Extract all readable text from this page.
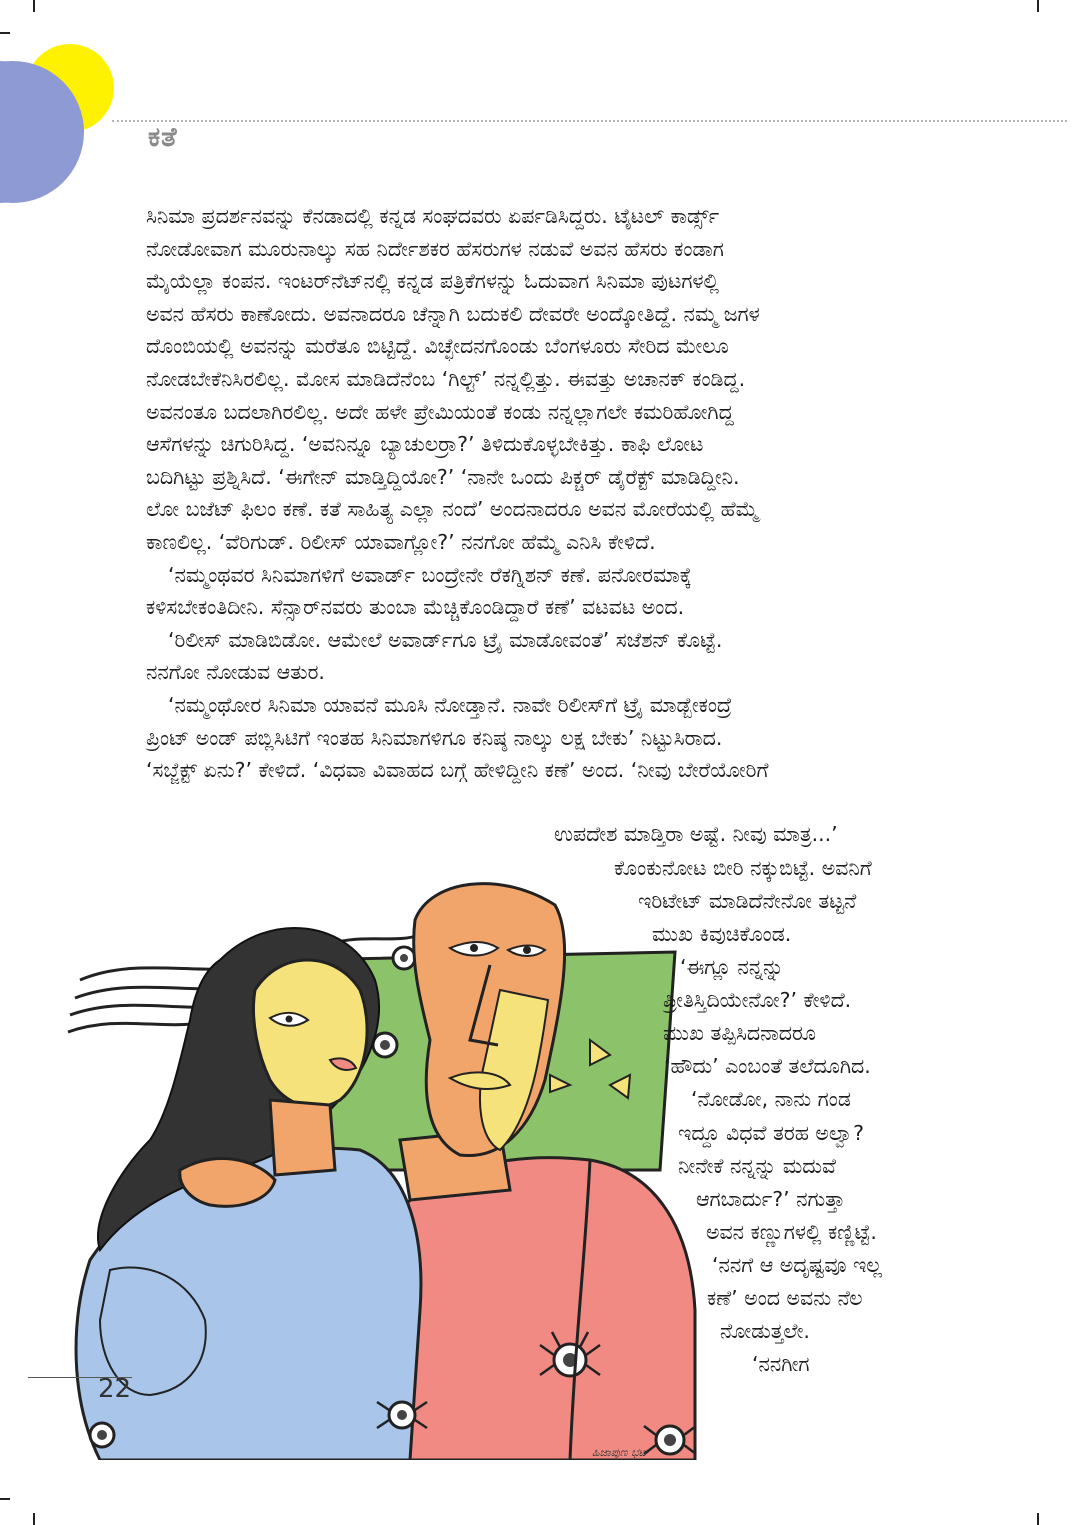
ಕತೆ

ಸಿನಿಮಾ ಪ್ರದರ್ಶನವನ್ನು ಕೆನಡಾದಲ್ಲಿ ಕನ್ನಡ ಸಂಘದವರು ಏರ್ಪಡಿಸಿದ್ದರು. ಟೈಟಲ್ ಕಾರ್ಡ್ಸ್

ನೋಡೋವಾಗ ಮೂರುನಾಲ್ಕು ಸಹ ನಿರ್ದೇಶಕರ ಹೆಸರುಗಳ ನಡುವೆ ಅವನ ಹೆಸರು ಕಂಡಾಗ

ಮೈಯೆಲ್ಲಾ ಕಂಪನ. ಇಂಟರ್‌ನೆಟ್‌ನಲ್ಲಿ ಕನ್ನಡ ಪತ್ರಿಕೆಗಳನ್ನು ಓದುವಾಗ ಸಿನಿಮಾ ಪುಟಗಳಲ್ಲಿ

ಅವನ ಹೆಸರು ಕಾಣೋದು. ಅವನಾದರೂ ಚೆನ್ನಾಗಿ ಬದುಕಲಿ ದೇವರೇ ಅಂದ್ಕೋತಿದ್ದೆ. ನಮ್ಮ ಜಗಳ

ದೊಂಬಿಯಲ್ಲಿ ಅವನನ್ನು ಮರೆತೂ ಬಿಟ್ಟಿದ್ದೆ. ವಿಚ್ಛೇದನಗೊಂಡು ಬೆಂಗಳೂರು ಸೇರಿದ ಮೇಲೂ

ನೋಡಬೇಕೆನಿಸಿರಲಿಲ್ಲ. ಮೋಸ ಮಾಡಿದೆನೆಂಬ ‘ಗಿಲ್ಟ್’ ನನ್ನಲ್ಲಿತ್ತು. ಈವತ್ತು ಅಚಾನಕ್ ಕಂಡಿದ್ದ.

ಅವನಂತೂ ಬದಲಾಗಿರಲಿಲ್ಲ. ಅದೇ ಹಳೇ ಪ್ರೇಮಿಯಂತೆ ಕಂಡು ನನ್ನಲ್ಲಾಗಲೇ ಕಮರಿಹೋಗಿದ್ದ

ಆಸೆಗಳನ್ನು ಚಿಗುರಿಸಿದ್ದ. ‘ಅವನಿನ್ನೂ ಬ್ಯಾಚುಲರ್ರಾ?’ ತಿಳಿದುಕೊಳ್ಳಬೇಕಿತ್ತು. ಕಾಫಿ ಲೋಟ

ಬದಿಗಿಟ್ಟು ಪ್ರಶ್ನಿಸಿದೆ. ‘ಈಗೇನ್ ಮಾಡ್ತಿದ್ದಿಯೋ?’ ‘ನಾನೇ ಒಂದು ಪಿಕ್ಚರ್ ಡೈರೆಕ್ಟ್ ಮಾಡಿದ್ದೀನಿ.

ಲೋ ಬಜೆಟ್ ಫಿಲಂ ಕಣೆ. ಕತೆ ಸಾಹಿತ್ಯ ಎಲ್ಲಾ ನಂದೆ’ ಅಂದನಾದರೂ ಅವನ ಮೋರೆಯಲ್ಲಿ ಹೆಮ್ಮೆ

ಕಾಣಲಿಲ್ಲ. ‘ವೆರಿಗುಡ್. ರಿಲೀಸ್ ಯಾವಾಗ್ಲೋ?’ ನನಗೋ ಹೆಮ್ಮೆ ಎನಿಸಿ ಕೇಳಿದೆ.

‘ನಮ್ಮಂಥವರ ಸಿನಿಮಾಗಳಿಗೆ ಅವಾರ್ಡ್ ಬಂದ್ರೇನೇ ರೆಕಗ್ನಿಶನ್ ಕಣೆ. ಪನೋರಮಾಕ್ಕೆ

ಕಳಿಸಬೇಕಂತಿದೀನಿ. ಸೆನ್ಸಾರ್‌ನವರು ತುಂಬಾ ಮೆಚ್ಚಿಕೊಂಡಿದ್ದಾರೆ ಕಣೆ’ ವಟವಟ ಅಂದ.

‘ರಿಲೀಸ್ ಮಾಡಿಬಿಡೋ. ಆಮೇಲೆ ಅವಾರ್ಡ್‌ಗೂ ಟ್ರೈ ಮಾಡೋವಂತೆ’ ಸಜೆಶನ್ ಕೊಟ್ಟೆ.

ನನಗೋ ನೋಡುವ ಆತುರ.

‘ನಮ್ಮಂಥೋರ ಸಿನಿಮಾ ಯಾವನೆ ಮೂಸಿ ನೋಡ್ತಾನೆ. ನಾವೇ ರಿಲೀಸ್‌ಗೆ ಟ್ರೈ ಮಾಡ್ಬೇಕಂದ್ರೆ

ಪ್ರಿಂಟ್ ಅಂಡ್ ಪಬ್ಲಿಸಿಟಿಗೆ ಇಂತಹ ಸಿನಿಮಾಗಳಿಗೂ ಕನಿಷ್ಠ ನಾಲ್ಕು ಲಕ್ಷ ಬೇಕು’ ನಿಟ್ಟುಸಿರಾದ.

‘ಸಬ್ಜೆಕ್ಟ್ ಏನು?’ ಕೇಳಿದೆ. ‘ವಿಧವಾ ವಿವಾಹದ ಬಗ್ಗೆ ಹೇಳಿದ್ದೀನಿ ಕಣೆ’ ಅಂದ. ‘ನೀವು ಬೇರೆಯೋರಿಗೆ

ಉಪದೇಶ ಮಾಡ್ತಿರಾ ಅಷ್ಟೆ. ನೀವು ಮಾತ್ರ...’
ಕೊಂಕುನೋಟ ಬೀರಿ ನಕ್ಕುಬಿಟ್ಟೆ. ಅವನಿಗೆ
ಇರಿಟೇಟ್ ಮಾಡಿದೆನೇನೋ ತಟ್ಟನೆ
ಮುಖ ಕಿವುಚಿಕೊಂಡ.
‘ಈಗ್ಲೂ ನನ್ನನ್ನು
ಪ್ರೀತಿಸ್ತಿದಿಯೇನೋ?’ ಕೇಳಿದೆ.
ಮುಖ ತಪ್ಪಿಸಿದನಾದರೂ
‘ಹೌದು’ ಎಂಬಂತೆ ತಲೆದೂಗಿದ.
‘ನೋಡೋ, ನಾನು ಗಂಡ
ಇದ್ದೂ ವಿಧವೆ ತರಹ ಅಲ್ವಾ?
ನೀನೇಕೆ ನನ್ನನ್ನು ಮದುವೆ
ಆಗಬಾರ್ದು?’ ನಗುತ್ತಾ
ಅವನ ಕಣ್ಣುಗಳಲ್ಲಿ ಕಣ್ಣಿಟ್ಟೆ.
‘ನನಗೆ ಆ ಅದೃಷ್ಟವೂ ಇಲ್ಲ
ಕಣೆ’ ಅಂದ ಅವನು ನೆಲ
ನೋಡುತ್ತಲೇ.
‘ನನಗೀಗ
22
ಹಿಜಾಪುಣ ಭಟ್
